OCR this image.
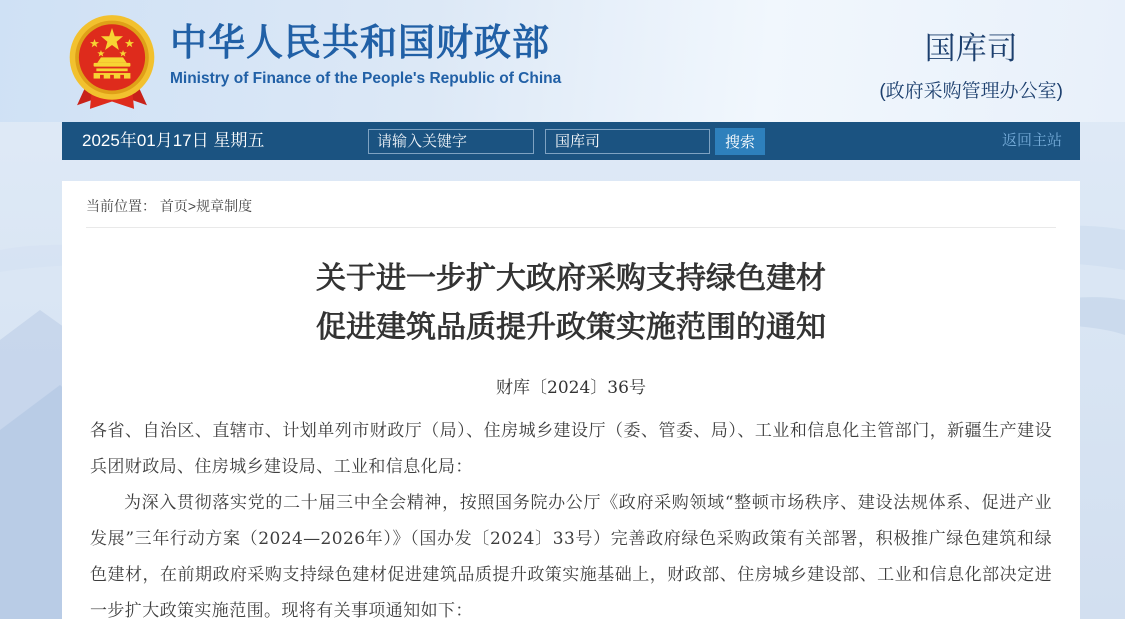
中华人民共和国财政部
Ministry of Finance of the People's Republic of China
国库司
(政府采购管理办公室)
2025年01月17日 星期五
请输入关键字	国库司	搜索	返回主站
当前位置： 首页>规章制度
关于进一步扩大政府采购支持绿色建材
促进建筑品质提升政策实施范围的通知
财库〔2024〕36号

各省、自治区、直辖市、计划单列市财政厅（局）、住房城乡建设厅（委、管委、局）、工业和信息化主管部门，新疆生产建设兵团财政局、住房城乡建设局、工业和信息化局：

为深入贯彻落实党的二十届三中全会精神，按照国务院办公厅《政府采购领域“整顿市场秩序、建设法规体系、促进产业发展”三年行动方案（2024—2026年）》（国办发〔2024〕33号）完善政府绿色采购政策有关部署，积极推广绿色建筑和绿色建材，在前期政府采购支持绿色建材促进建筑品质提升政策实施基础上，财政部、住房城乡建设部、工业和信息化部决定进一步扩大政策实施范围。现将有关事项通知如下：
